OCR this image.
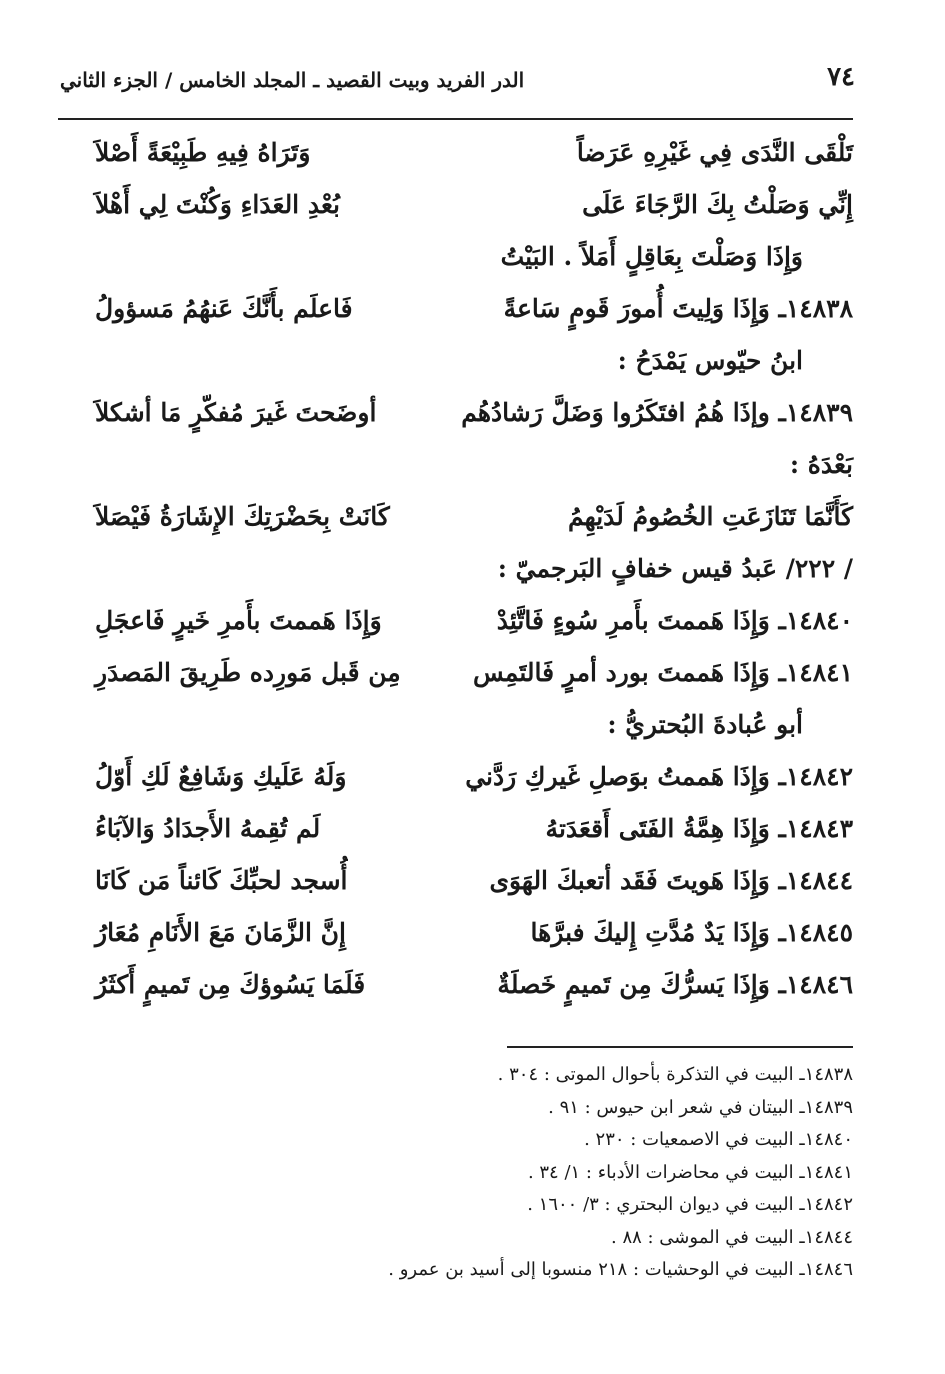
٧٤
الدر الفريد وبيت القصيد ـ المجلد الخامس / الجزء الثاني
تَلْقَى النَّدَى فِي غَيْرِهِ عَرَضاً
وَتَرَاهُ فِيهِ طَبِيْعَةً أَصْلاَ
إِنِّي وَصَلْتُ بِكَ الرَّجَاءَ عَلَى
بُعْدِ العَدَاءِ وَكُنْتَ لِي أَهْلاَ
وَإِذَا وَصَلْتَ بِعَاقِلٍ أَمَلاً . البَيْتُ
١٤٨٣٨ـ وَإِذَا وَلِيتَ أُمورَ قَومٍ سَاعةً
فَاعلَم بأَنَّكَ عَنهُمُ مَسؤولُ
ابنُ حيّوس يَمْدَحُ :
١٤٨٣٩ـ وإذَا هُمُ افتَكَرُوا وَضَلَّ رَشادُهُم
أوضَحتَ غَيرَ مُفكّرٍ مَا أشكلاَ
بَعْدَهُ :
كَأَنَّمَا تَنَازَعَتِ الخُصُومُ لَدَيْهِمُ
كَانَتْ بِحَضْرَتِكَ الإِشَارَةُ فَيْصَلاَ
/ ٢٢٢/ عَبدُ قيس خفافٍ البَرجميّ :
١٤٨٤٠ـ وَإِذَا هَممتَ بأَمرِ سُوءٍ فَاتَّئِدْ
وَإِذَا هَممتَ بأَمرِ خَيرٍ فَاعجَلِ
١٤٨٤١ـ وَإِذَا هَممتَ بورد أمرٍ فَالتَمِس
مِن قَبل مَورِده طَرِيقَ المَصدَرِ
أبو عُبادةَ البُحتريُّ :
١٤٨٤٢ـ وَإِذَا هَممتُ بوَصلِ غَيركِ رَدَّني
وَلَهُ عَلَيكِ وَشَافِعٌ لَكِ أَوّلُ
١٤٨٤٣ـ وَإِذَا هِمَّةُ الفَتَى أَقعَدَتهُ
لَم تُقِمهُ الأَجدَادُ وَالآبَاءُ
١٤٨٤٤ـ وَإِذَا هَويتَ فَقَد أتعبكَ الهَوَى
أُسجد لحبِّكَ كَائناً مَن كَانَا
١٤٨٤٥ـ وَإِذَا يَدٌ مُدَّتِ إِليكَ فبرَّهَا
إِنَّ الزَّمَانَ مَعَ الأَنَامِ مُعَارُ
١٤٨٤٦ـ وَإِذَا يَسرُّكَ مِن تَميمٍ خَصلَةٌ
فَلَمَا يَسُوؤكَ مِن تَميمٍ أَكثَرُ
١٤٨٣٨ـ البيت في التذكرة بأحوال الموتى : ٣٠٤ .
١٤٨٣٩ـ البيتان في شعر ابن حيوس : ٩١ .
١٤٨٤٠ـ البيت في الاصمعيات : ٢٣٠ .
١٤٨٤١ـ البيت في محاضرات الأدباء : ١/ ٣٤ .
١٤٨٤٢ـ البيت في ديوان البحتري : ٣/ ١٦٠٠ .
١٤٨٤٤ـ البيت في الموشى : ٨٨ .
١٤٨٤٦ـ البيت في الوحشيات : ٢١٨ منسوبا إلى أسيد بن عمرو .
